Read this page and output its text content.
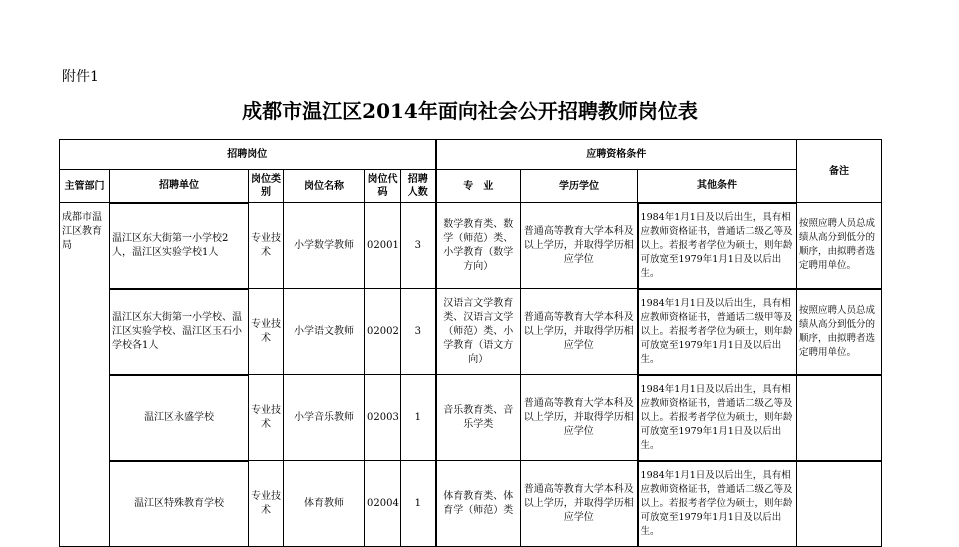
附件1
成都市温江区2014年面向社会公开招聘教师岗位表
招聘岗位						应聘资格条件			备注
主管部门	招聘单位	岗位类别	岗位名称	岗位代码	招聘人数	专　业	学历学位	其他条件	
成都市温江区教育局	温江区东大街第一小学校2人，温江区实验学校1人	专业技术	小学数学教师	02001	3	数学教育类、数学（师范）类、小学教育（数学方向）	普通高等教育大学本科及以上学历，并取得学历相应学位	1984年1月1日及以后出生，具有相应教师资格证书，普通话二级乙等及以上。若报考者学位为硕士，则年龄可放宽至1979年1月1日及以后出生。	按照应聘人员总成绩从高分到低分的顺序，由拟聘者选定聘用单位。
	温江区东大街第一小学校、温江区实验学校、温江区玉石小学校各1人	专业技术	小学语文教师	02002	3	汉语言文学教育类、汉语言文学（师范）类、小学教育（语文方向）	普通高等教育大学本科及以上学历，并取得学历相应学位	1984年1月1日及以后出生，具有相应教师资格证书，普通话二级甲等及以上。若报考者学位为硕士，则年龄可放宽至1979年1月1日及以后出生。	按照应聘人员总成绩从高分到低分的顺序，由拟聘者选定聘用单位。
	温江区永盛学校	专业技术	小学音乐教师	02003	1	音乐教育类、音乐学类	普通高等教育大学本科及以上学历，并取得学历相应学位	1984年1月1日及以后出生，具有相应教师资格证书，普通话二级乙等及以上。若报考者学位为硕士，则年龄可放宽至1979年1月1日及以后出生。	
	温江区特殊教育学校	专业技术	体育教师	02004	1	体育教育类、体育学（师范）类	普通高等教育大学本科及以上学历，并取得学历相应学位	1984年1月1日及以后出生，具有相应教师资格证书，普通话二级乙等及以上。若报考者学位为硕士，则年龄可放宽至1979年1月1日及以后出生。	
